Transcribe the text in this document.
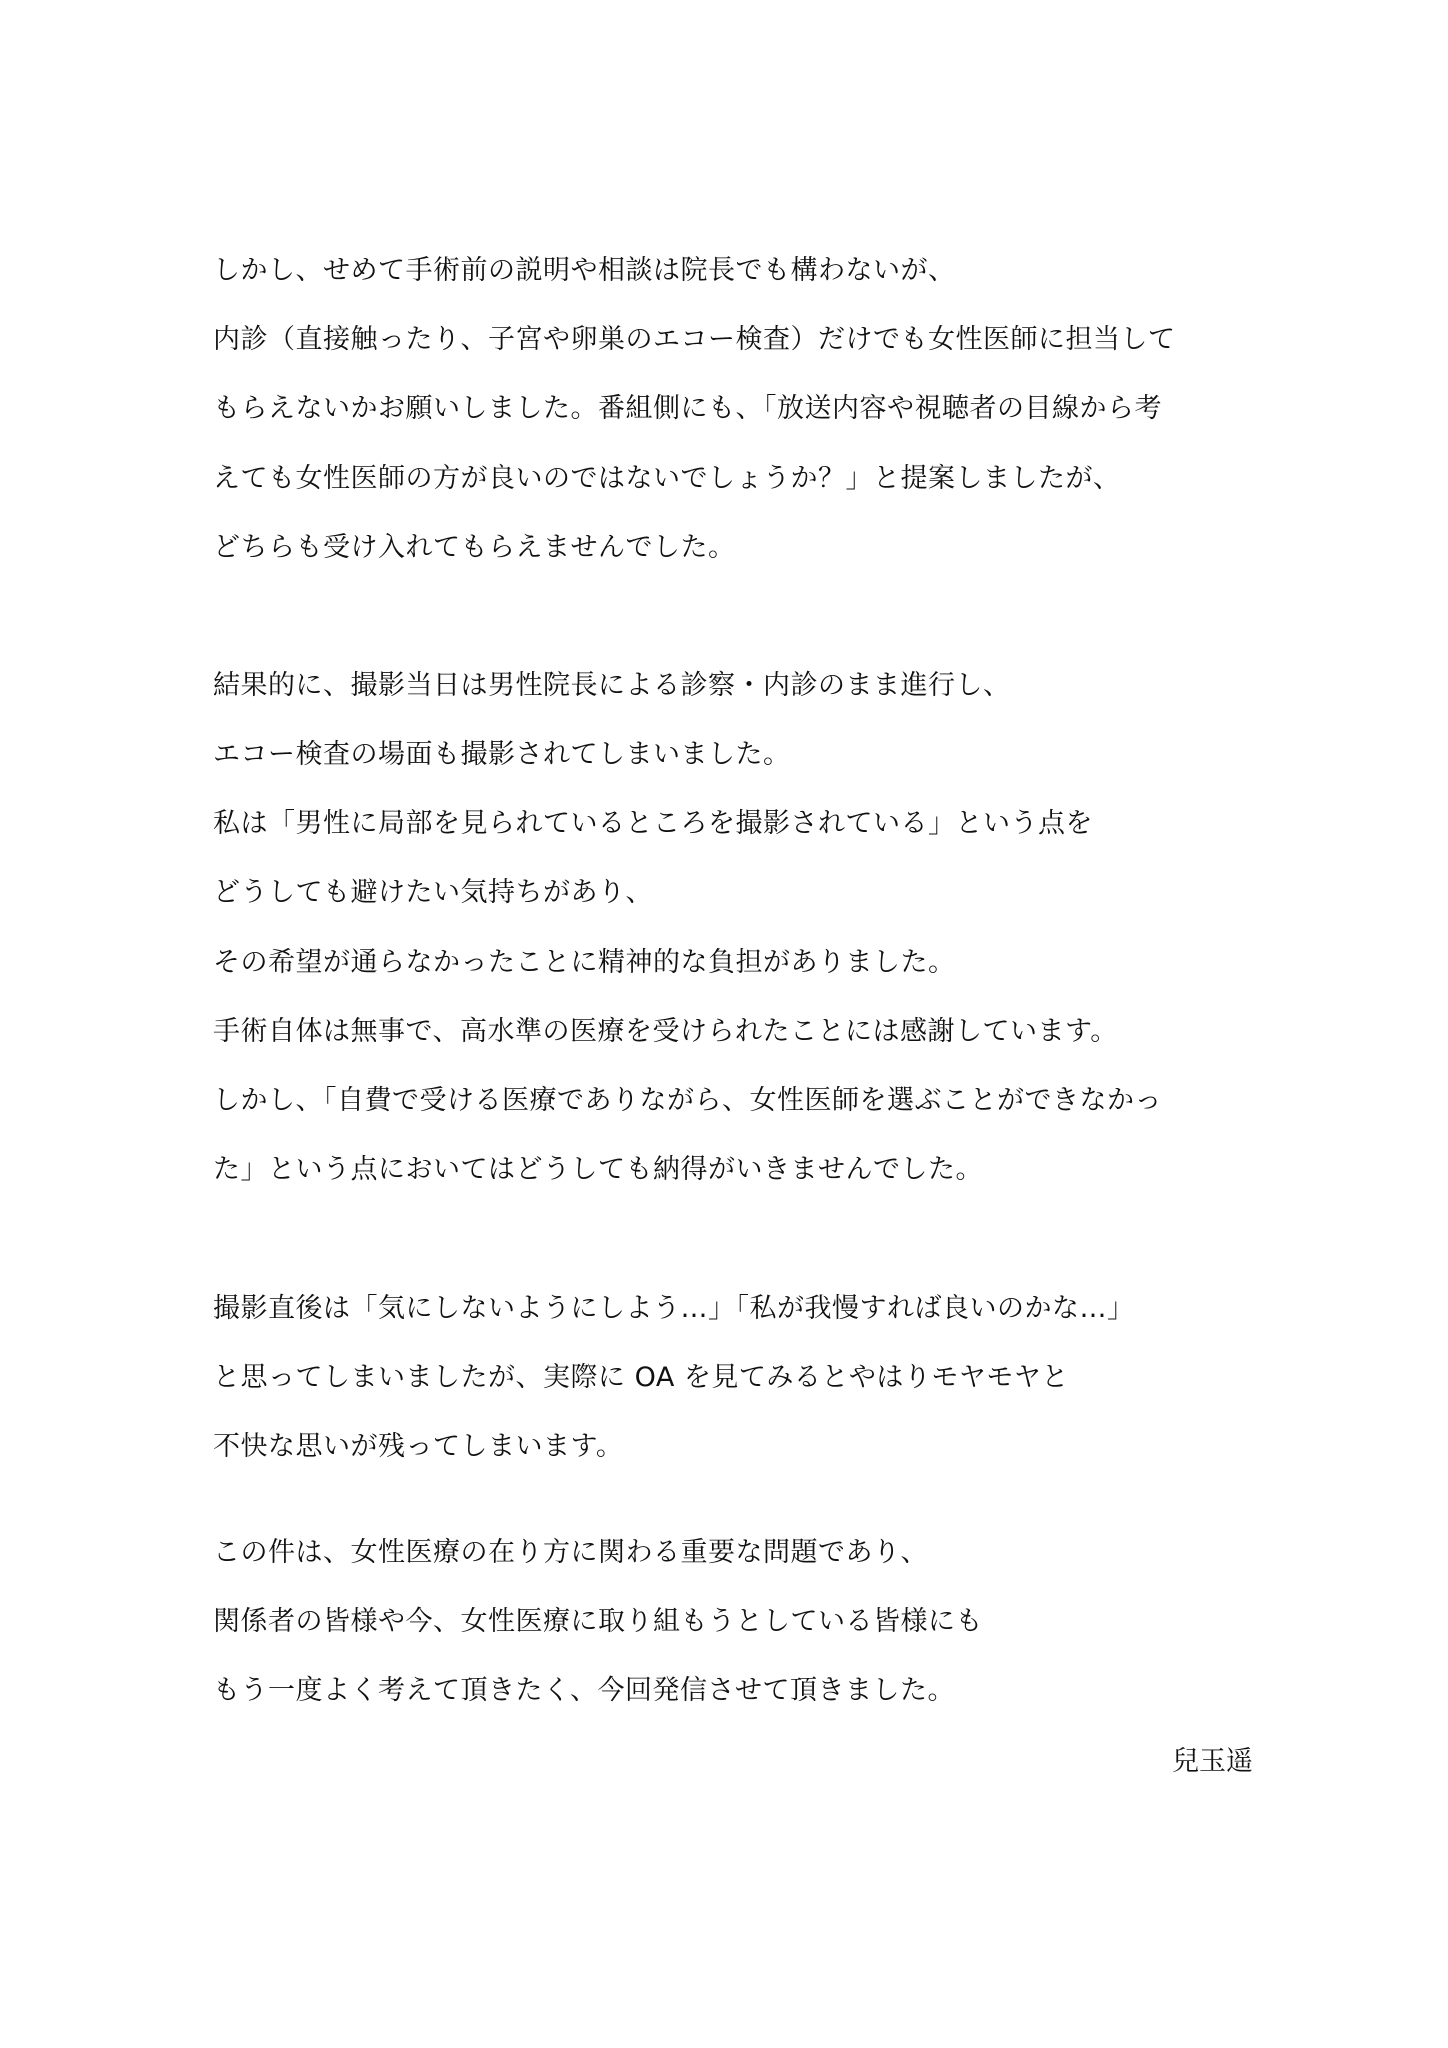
しかし、せめて手術前の説明や相談は院長でも構わないが、
内診（直接触ったり、子宮や卵巣のエコー検査）だけでも女性医師に担当して
もらえないかお願いしました。番組側にも、「放送内容や視聴者の目線から考
えても女性医師の方が良いのではないでしょうか？」と提案しましたが、
どちらも受け入れてもらえませんでした。
結果的に、撮影当日は男性院長による診察・内診のまま進行し、
エコー検査の場面も撮影されてしまいました。
私は「男性に局部を見られているところを撮影されている」という点を
どうしても避けたい気持ちがあり、
その希望が通らなかったことに精神的な負担がありました。
手術自体は無事で、高水準の医療を受けられたことには感謝しています。
しかし、「自費で受ける医療でありながら、女性医師を選ぶことができなかっ
た」という点においてはどうしても納得がいきませんでした。
撮影直後は「気にしないようにしよう…」「私が我慢すれば良いのかな…」
と思ってしまいましたが、実際に OA を見てみるとやはりモヤモヤと
不快な思いが残ってしまいます。
この件は、女性医療の在り方に関わる重要な問題であり、
関係者の皆様や今、女性医療に取り組もうとしている皆様にも
もう一度よく考えて頂きたく、今回発信させて頂きました。
兒玉遥
